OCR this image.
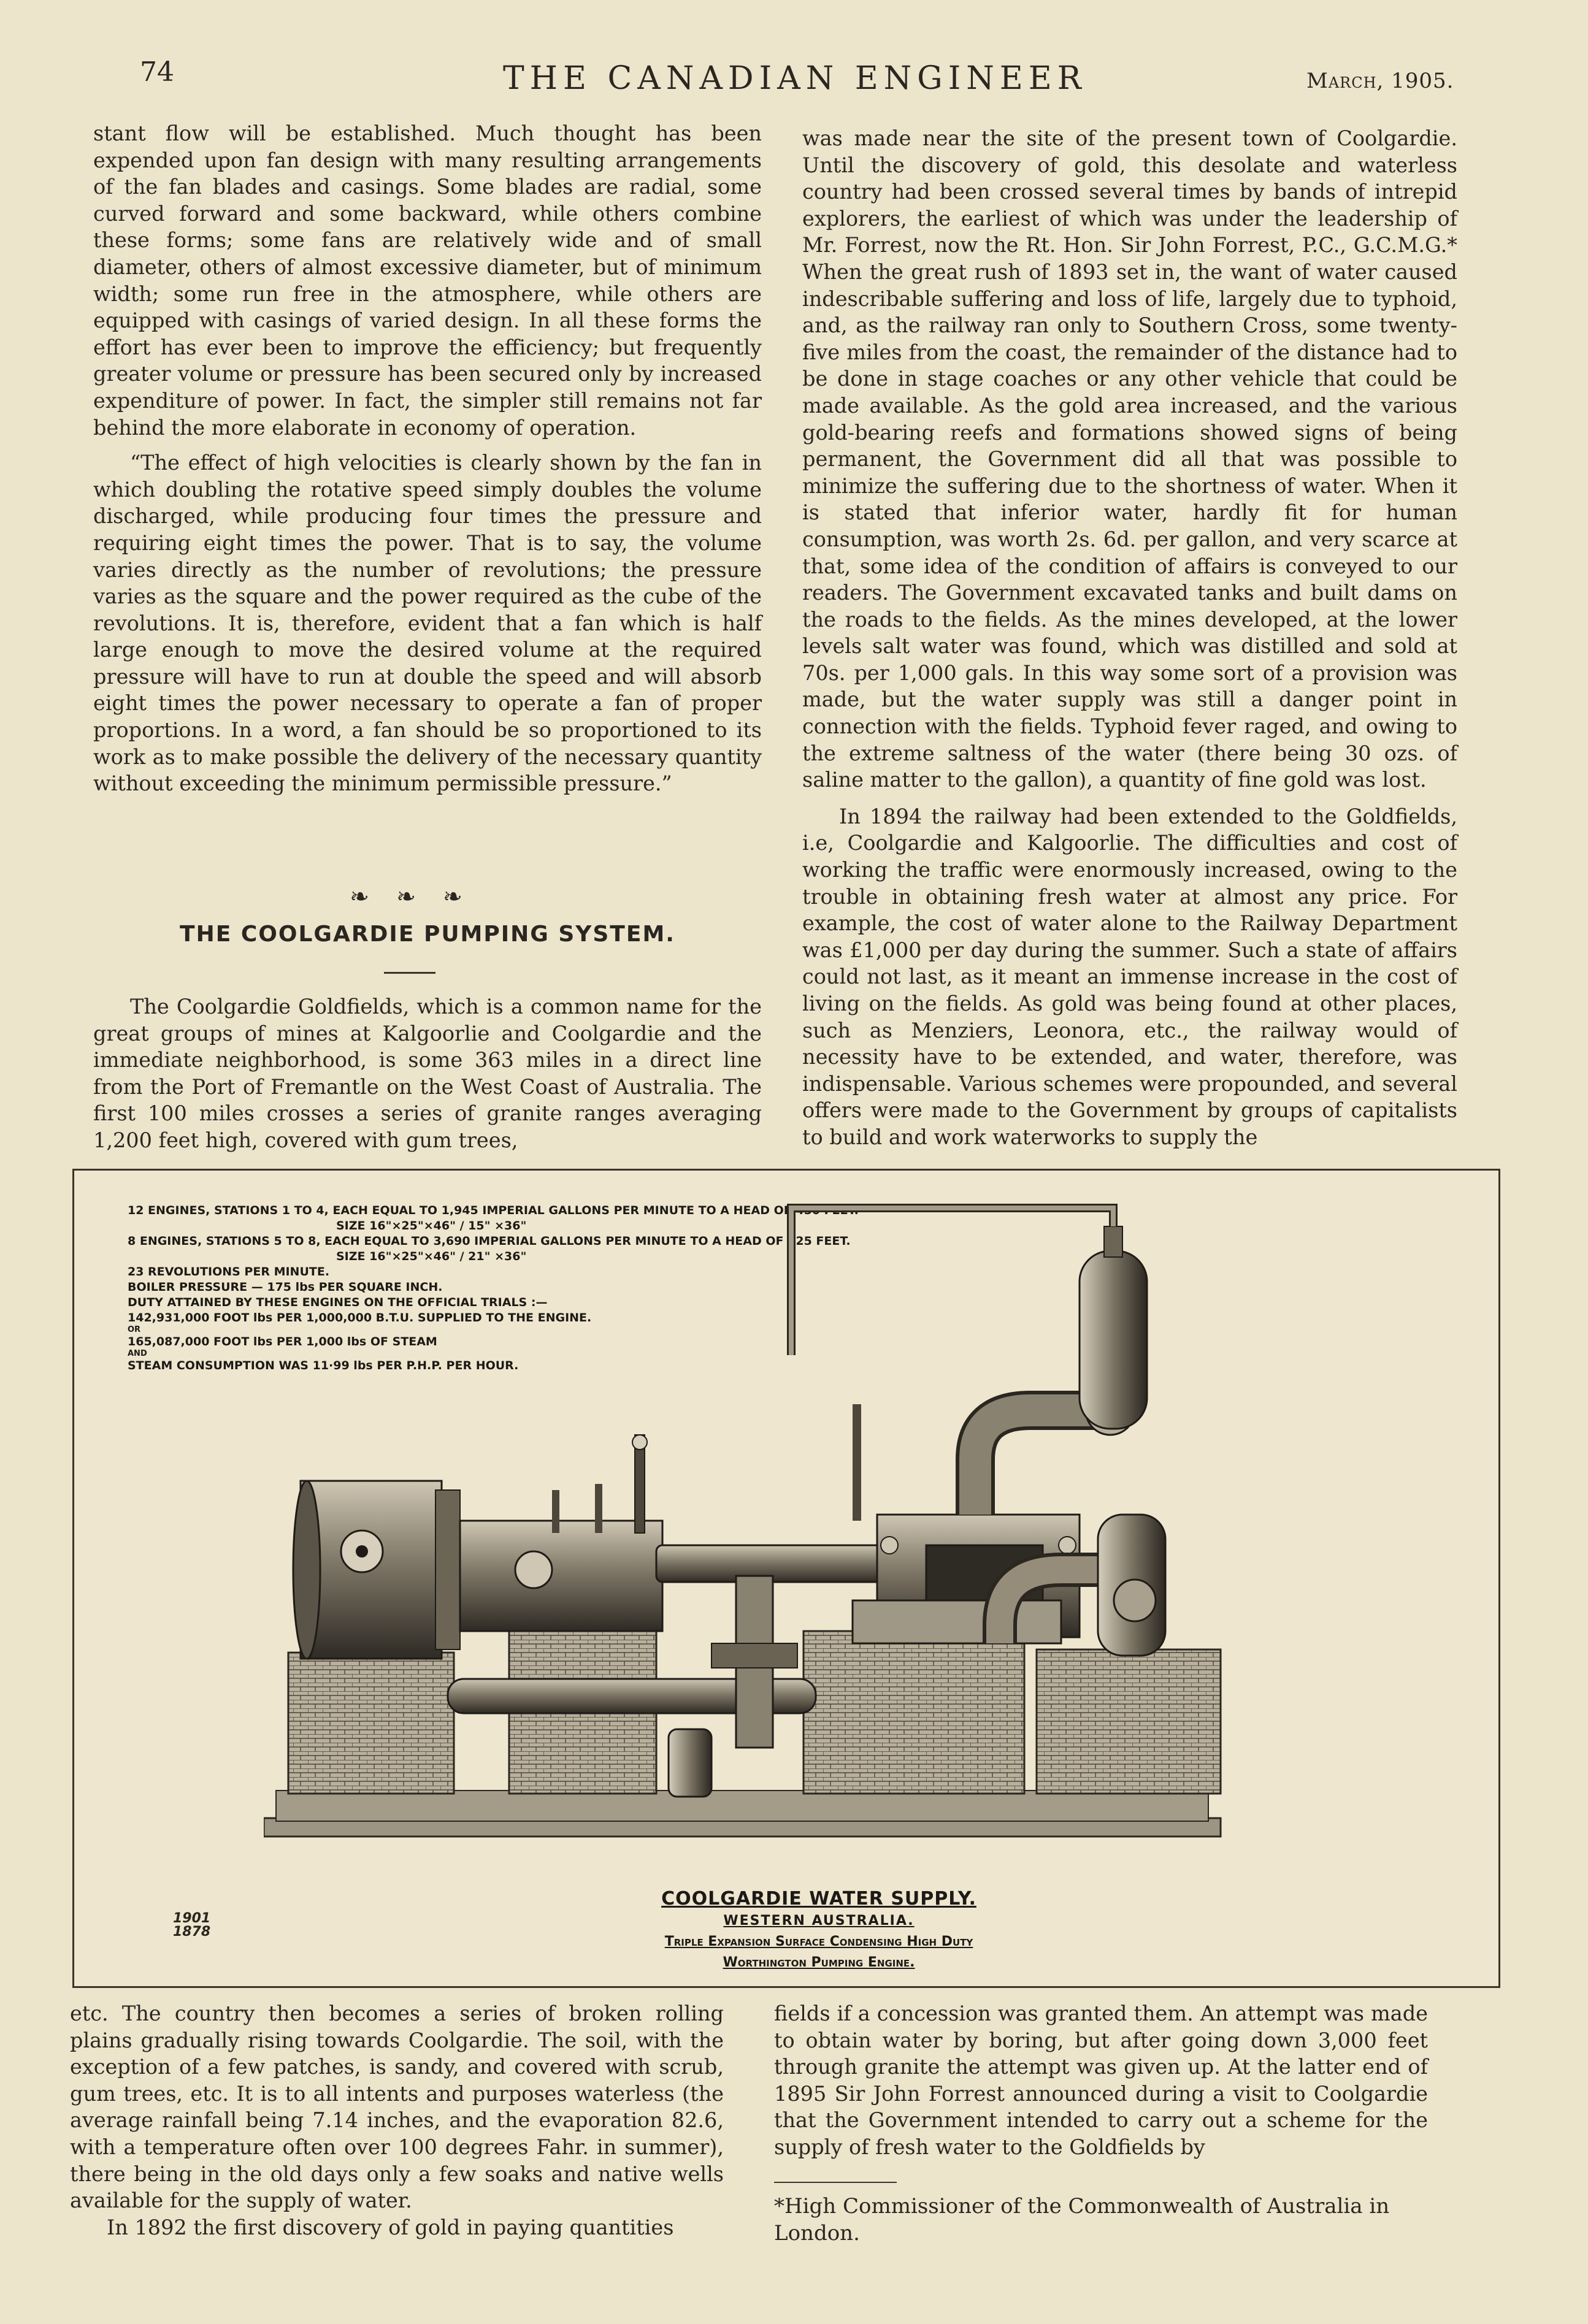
74	THE CANADIAN ENGINEER	March, 1905.

stant flow will be established. Much thought has been expended upon fan design with many resulting arrangements of the fan blades and casings. Some blades are radial, some curved forward and some backward, while others combine these forms; some fans are relatively wide and of small diameter, others of almost excessive diameter, but of minimum width; some run free in the atmosphere, while others are equipped with casings of varied design. In all these forms the effort has ever been to improve the efficiency; but frequently greater volume or pressure has been secured only by increased expenditure of power. In fact, the simpler still remains not far behind the more elaborate in economy of operation.

“The effect of high velocities is clearly shown by the fan in which doubling the rotative speed simply doubles the volume discharged, while producing four times the pressure and requiring eight times the power. That is to say, the volume varies directly as the number of revolutions; the pressure varies as the square and the power required as the cube of the revolutions. It is, therefore, evident that a fan which is half large enough to move the desired volume at the required pressure will have to run at double the speed and will absorb eight times the power necessary to operate a fan of proper proportions. In a word, a fan should be so proportioned to its work as to make possible the delivery of the necessary quantity without exceeding the minimum permissible pressure.”

❧ ❧ ❧
THE COOLGARDIE PUMPING SYSTEM.

The Coolgardie Goldfields, which is a common name for the great groups of mines at Kalgoorlie and Coolgardie and the immediate neighborhood, is some 363 miles in a direct line from the Port of Fremantle on the West Coast of Australia. The first 100 miles crosses a series of granite ranges averaging 1,200 feet high, covered with gum trees,

was made near the site of the present town of Coolgardie. Until the discovery of gold, this desolate and waterless country had been crossed several times by bands of intrepid explorers, the earliest of which was under the leadership of Mr. Forrest, now the Rt. Hon. Sir John Forrest, P.C., G.C.M.G.* When the great rush of 1893 set in, the want of water caused indescribable suffering and loss of life, largely due to typhoid, and, as the railway ran only to Southern Cross, some twenty-five miles from the coast, the remainder of the distance had to be done in stage coaches or any other vehicle that could be made available. As the gold area increased, and the various gold-bearing reefs and formations showed signs of being permanent, the Government did all that was possible to minimize the suffering due to the shortness of water. When it is stated that inferior water, hardly fit for human consumption, was worth 2s. 6d. per gallon, and very scarce at that, some idea of the condition of affairs is conveyed to our readers. The Government excavated tanks and built dams on the roads to the fields. As the mines developed, at the lower levels salt water was found, which was distilled and sold at 70s. per 1,000 gals. In this way some sort of a provision was made, but the water supply was still a danger point in connection with the fields. Typhoid fever raged, and owing to the extreme saltness of the water (there being 30 ozs. of saline matter to the gallon), a quantity of fine gold was lost.

In 1894 the railway had been extended to the Goldfields, i.e, Coolgardie and Kalgoorlie. The difficulties and cost of working the traffic were enormously increased, owing to the trouble in obtaining fresh water at almost any price. For example, the cost of water alone to the Railway Department was £1,000 per day during the summer. Such a state of affairs could not last, as it meant an immense increase in the cost of living on the fields. As gold was being found at other places, such as Menziers, Leonora, etc., the railway would of necessity have to be extended, and water, therefore, was indispensable. Various schemes were propounded, and several offers were made to the Government by groups of capitalists to build and work waterworks to supply the

12 ENGINES, STATIONS 1 TO 4, EACH EQUAL TO 1,945 IMPERIAL GALLONS PER MINUTE TO A HEAD OF 450 FEET.
SIZE 16"×25"×46" / 15" ×36"
8 ENGINES, STATIONS 5 TO 8, EACH EQUAL TO 3,690 IMPERIAL GALLONS PER MINUTE TO A HEAD OF 225 FEET.
SIZE 16"×25"×46" / 21" ×36"
23 REVOLUTIONS PER MINUTE.
BOILER PRESSURE — 175 lbs PER SQUARE INCH.
DUTY ATTAINED BY THESE ENGINES ON THE OFFICIAL TRIALS :—
142,931,000 FOOT lbs PER 1,000,000 B.T.U. SUPPLIED TO THE ENGINE.
OR
165,087,000 FOOT lbs PER 1,000 lbs OF STEAM
AND
STEAM CONSUMPTION WAS 11·99 lbs PER P.H.P. PER HOUR.
1901
1878
COOLGARDIE WATER SUPPLY.
WESTERN AUSTRALIA.
Triple Expansion Surface Condensing High Duty
Worthington Pumping Engine.

etc. The country then becomes a series of broken rolling plains gradually rising towards Coolgardie. The soil, with the exception of a few patches, is sandy, and covered with scrub, gum trees, etc. It is to all intents and purposes waterless (the average rainfall being 7.14 inches, and the evaporation 82.6, with a temperature often over 100 degrees Fahr. in summer), there being in the old days only a few soaks and native wells available for the supply of water.

In 1892 the first discovery of gold in paying quantities

fields if a concession was granted them. An attempt was made to obtain water by boring, but after going down 3,000 feet through granite the attempt was given up. At the latter end of 1895 Sir John Forrest announced during a visit to Coolgardie that the Government intended to carry out a scheme for the supply of fresh water to the Goldfields by

*High Commissioner of the Commonwealth of Australia in London.
